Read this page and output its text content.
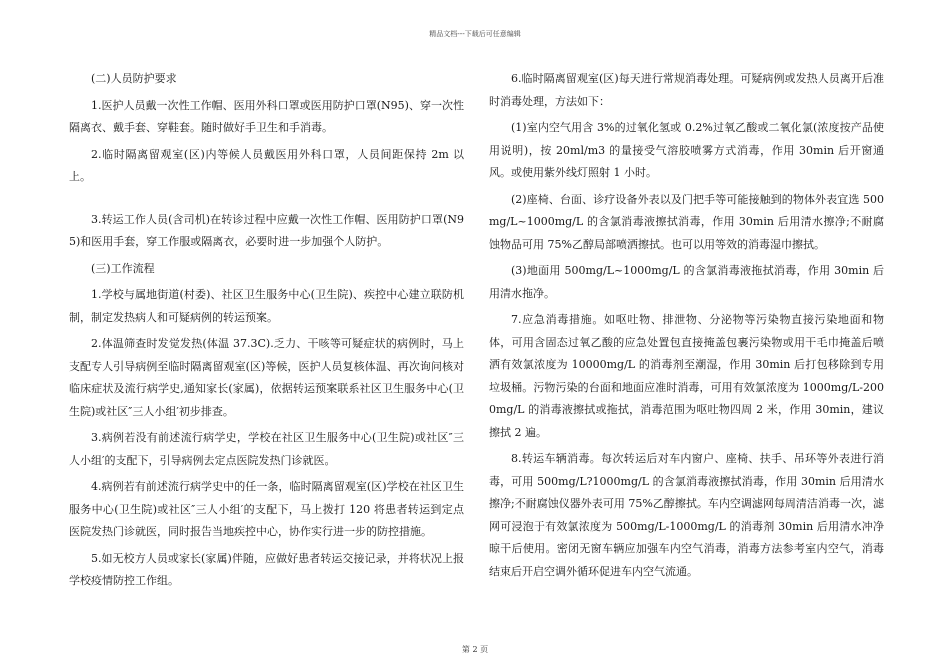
精品文档---下载后可任意编辑

(二)人员防护要求

1.医护人员戴一次性工作帽、医用外科口罩或医用防护口罩(N95)、穿一次性隔离衣、戴手套、穿鞋套。随时做好手卫生和手消毒。

2.临时隔离留观室(区)内等候人员戴医用外科口罩，人员间距保持 2m 以上。

3.转运工作人员(含司机)在转诊过程中应戴一次性工作帽、医用防护口罩(N95)和医用手套，穿工作服或隔离衣，必要时进一步加强个人防护。

(三)工作流程

1.学校与属地街道(村委)、社区卫生服务中心(卫生院)、疾控中心建立联防机制，制定发热病人和可疑病例的转运预案。

2.体温筛查时发觉发热(体温 37.3C).乏力、干咳等可疑症状的病例时，马上支配专人引导病例至临时隔离留观室(区)等候，医护人员复核体温、再次询问核对临床症状及流行病学史,通知家长(家属)，依据转运预案联系社区卫生服务中心(卫生院)或社区″三人小组′初步排查。

3.病例若没有前述流行病学史，学校在社区卫生服务中心(卫生院)或社区″三人小组′的支配下，引导病例去定点医院发热门诊就医。

4.病例若有前述流行病学史中的任一条，临时隔离留观室(区)学校在社区卫生服务中心(卫生院)或社区″三人小组′的支配下，马上拨打 120 将患者转运到定点医院发热门诊就医，同时报告当地疾控中心，协作实行进一步的防控措施。

5.如无校方人员或家长(家属)伴随，应做好患者转运交接记录，并将状况上报学校疫情防控工作组。

6.临时隔离留观室(区)每天进行常规消毒处理。可疑病例或发热人员离开后准时消毒处理，方法如下：

(1)室内空气用含 3%的过氧化氢或 0.2%过氧乙酸或二氧化氯(浓度按产品使用说明)，按 20ml/m3 的量接受气溶胶喷雾方式消毒，作用 30min 后开窗通风。或使用紫外线灯照射 1 小时。

(2)座椅、台面、诊疗设备外表以及门把手等可能接触到的物体外表宜选 500mg/L~1000mg/L 的含氯消毒液擦拭消毒，作用 30min 后用清水擦净;不耐腐蚀物品可用 75%乙醇局部喷洒擦拭。也可以用等效的消毒湿巾擦拭。

(3)地面用 500mg/L~1000mg/L 的含氯消毒液拖拭消毒，作用 30min 后用清水拖净。

7.应急消毒措施。如呕吐物、排泄物、分泌物等污染物直接污染地面和物体，可用含固态过氧乙酸的应急处置包直接掩盖包裹污染物或用干毛巾掩盖后喷洒有效氯浓度为 10000mg/L 的消毒剂至潮湿，作用 30min 后打包移除到专用垃圾桶。污物污染的台面和地面应准时消毒，可用有效氯浓度为 1000mg/L-2000mg/L 的消毒液擦拭或拖拭，消毒范围为呕吐物四周 2 米，作用 30min，建议擦拭 2 遍。

8.转运车辆消毒。每次转运后对车内窗户、座椅、扶手、吊环等外表进行消毒，可用 500mg/L?1000mg/L 的含氯消毒液擦拭消毒，作用 30min 后用清水擦净;不耐腐蚀仪器外表可用 75%乙醇擦拭。车内空调滤网每周清洁消毒一次，滤网可浸泡于有效氯浓度为 500mg/L-1000mg/L 的消毒剂 30min 后用清水冲净晾干后使用。密闭无窗车辆应加强车内空气消毒，消毒方法参考室内空气，消毒结束后开启空调外循环促进车内空气流通。

第 2 页
